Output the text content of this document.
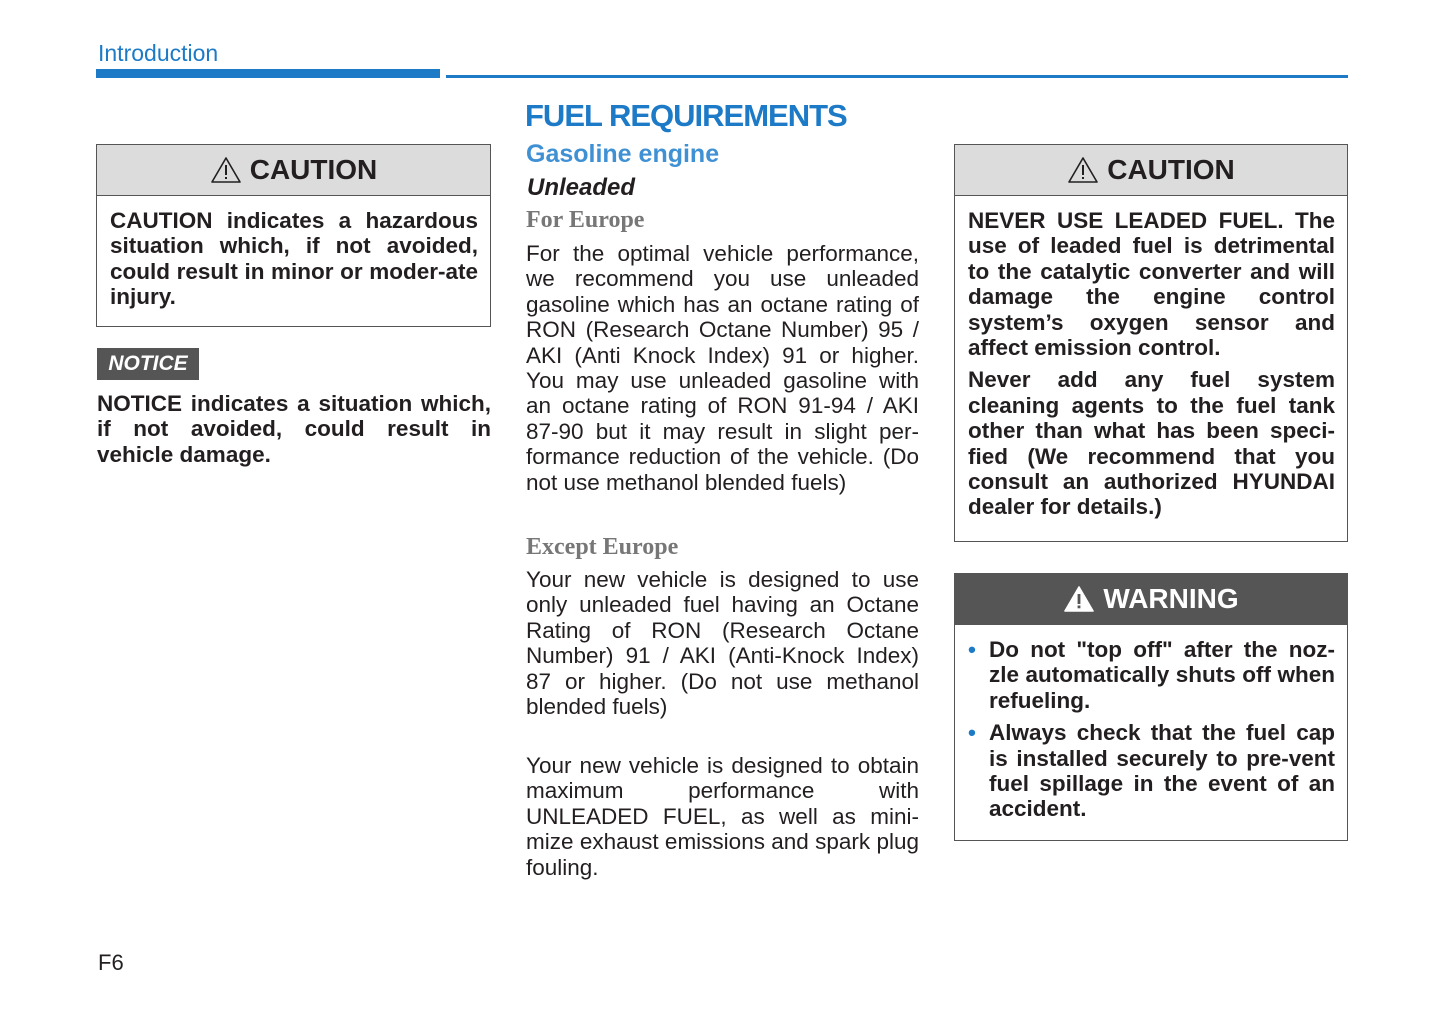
Introduction
CAUTION

CAUTION indicates a hazardous situation which, if not avoided, could result in minor or moder-ate injury.

NOTICE
NOTICE indicates a situation which, if not avoided, could result in vehicle damage.
FUEL REQUIREMENTS
Gasoline engine
Unleaded
For Europe
For the optimal vehicle performance, we recommend you use unleaded gasoline which has an octane rating of RON (Research Octane Number) 95 / AKI (Anti Knock Index) 91 or higher. You may use unleaded gasoline with an octane rating of RON 91-94 / AKI 87-90 but it may result in slight per-formance reduction of the vehicle. (Do not use methanol blended fuels)
Except Europe
Your new vehicle is designed to use only unleaded fuel having an Octane Rating of RON (Research Octane Number) 91 / AKI (Anti-Knock Index) 87 or higher. (Do not use methanol blended fuels)
Your new vehicle is designed to obtain maximum performance with UNLEADED FUEL, as well as mini-mize exhaust emissions and spark plug fouling.
CAUTION

NEVER USE LEADED FUEL. The use of leaded fuel is detrimental to the catalytic converter and will damage the engine control system’s oxygen sensor and affect emission control.

Never add any fuel system cleaning agents to the fuel tank other than what has been speci-fied (We recommend that you consult an authorized HYUNDAI dealer for details.)

WARNING
• Do not "top off" after the noz-zle automatically shuts off when refueling.
• Always check that the fuel cap is installed securely to pre-vent fuel spillage in the event of an accident.
F6
